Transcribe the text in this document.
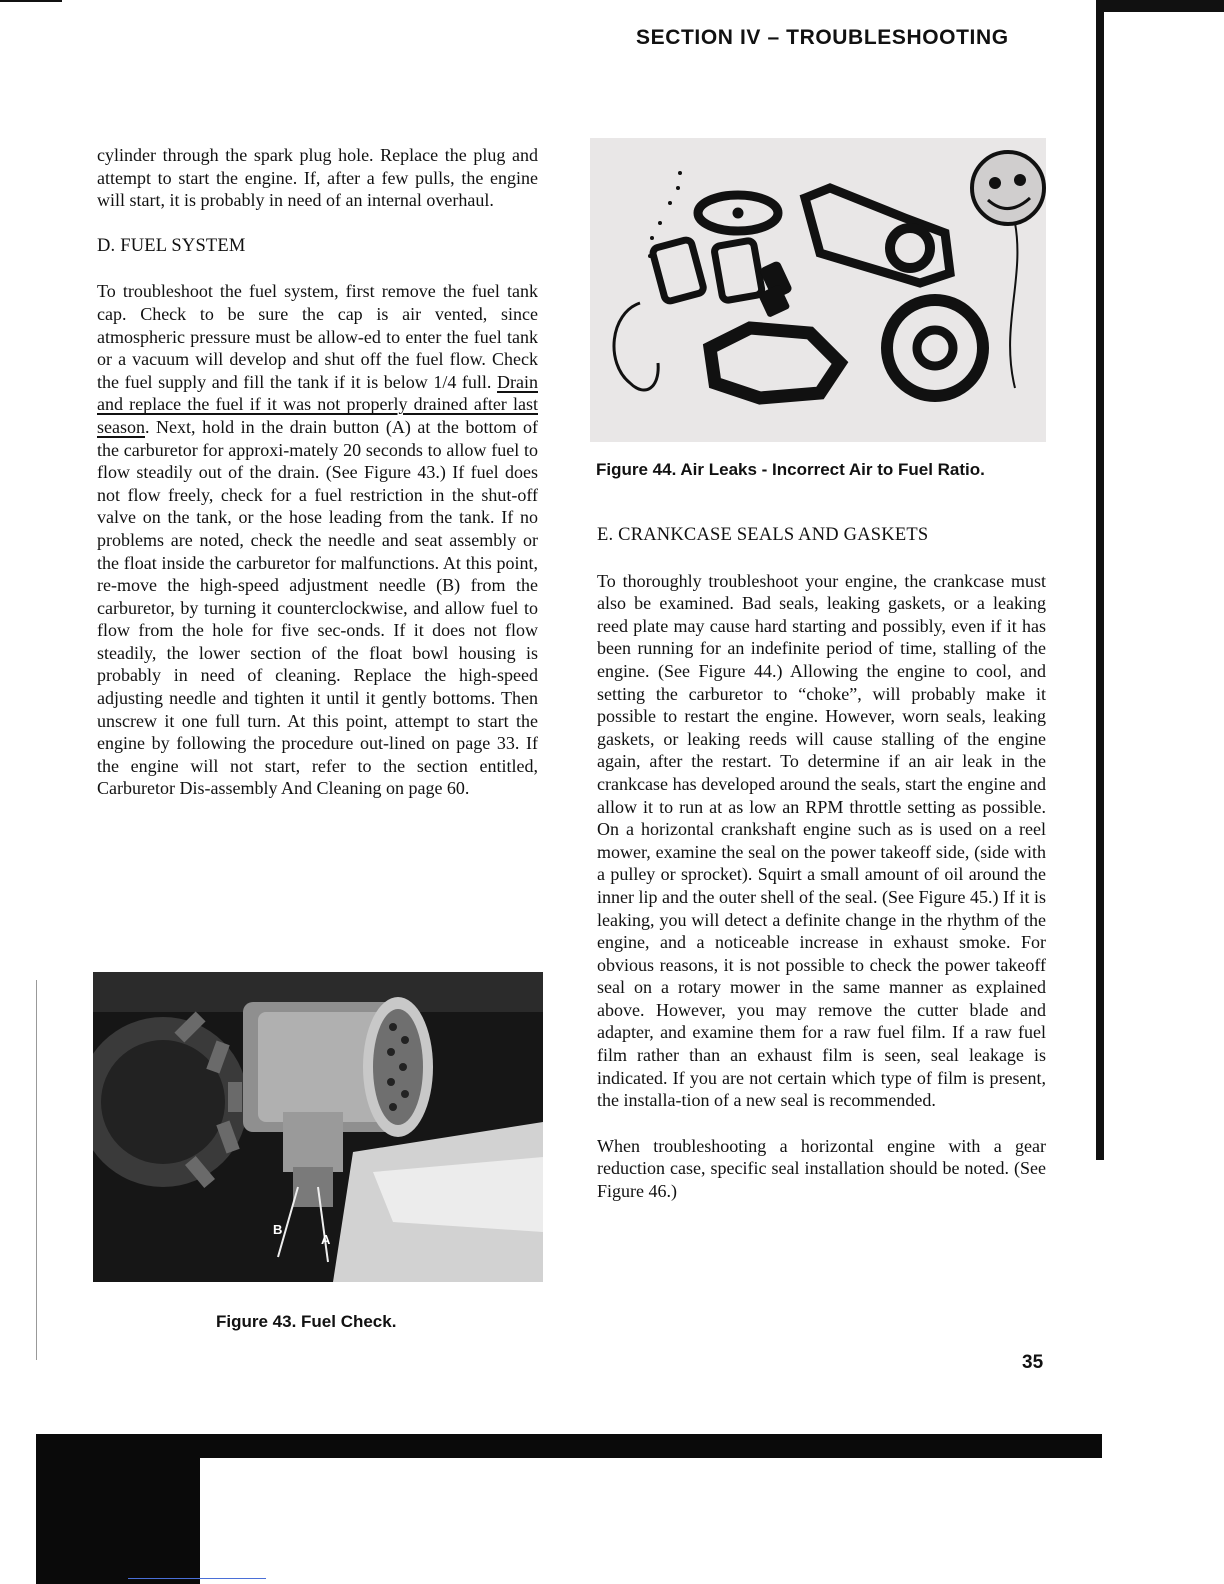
SECTION IV – TROUBLESHOOTING

cylinder through the spark plug hole. Replace the plug and attempt to start the engine. If, after a few pulls, the engine will start, it is probably in need of an internal overhaul.

D. FUEL SYSTEM

To troubleshoot the fuel system, first remove the fuel tank cap. Check to be sure the cap is air vented, since atmospheric pressure must be allow-ed to enter the fuel tank or a vacuum will develop and shut off the fuel flow. Check the fuel supply and fill the tank if it is below 1/4 full. Drain and replace the fuel if it was not properly drained after last season. Next, hold in the drain button (A) at the bottom of the carburetor for approxi-mately 20 seconds to allow fuel to flow steadily out of the drain. (See Figure 43.) If fuel does not flow freely, check for a fuel restriction in the shut-off valve on the tank, or the hose leading from the tank. If no problems are noted, check the needle and seat assembly or the float inside the carburetor for malfunctions. At this point, re-move the high-speed adjustment needle (B) from the carburetor, by turning it counterclockwise, and allow fuel to flow from the hole for five sec-onds. If it does not flow steadily, the lower section of the float bowl housing is probably in need of cleaning. Replace the high-speed adjusting needle and tighten it until it gently bottoms. Then unscrew it one full turn. At this point, attempt to start the engine by following the procedure out-lined on page 33. If the engine will not start, refer to the section entitled, Carburetor Dis-assembly And Cleaning on page 60.

B
A
Figure 43. Fuel Check.
Figure 44. Air Leaks - Incorrect Air to Fuel Ratio.

E. CRANKCASE SEALS AND GASKETS

To thoroughly troubleshoot your engine, the crankcase must also be examined. Bad seals, leaking gaskets, or a leaking reed plate may cause hard starting and possibly, even if it has been running for an indefinite period of time, stalling of the engine. (See Figure 44.) Allowing the engine to cool, and setting the carburetor to “choke”, will probably make it possible to restart the engine. However, worn seals, leaking gaskets, or leaking reeds will cause stalling of the engine again, after the restart. To determine if an air leak in the crankcase has developed around the seals, start the engine and allow it to run at as low an RPM throttle setting as possible. On a horizontal crankshaft engine such as is used on a reel mower, examine the seal on the power takeoff side, (side with a pulley or sprocket). Squirt a small amount of oil around the inner lip and the outer shell of the seal. (See Figure 45.) If it is leaking, you will detect a definite change in the rhythm of the engine, and a noticeable increase in exhaust smoke. For obvious reasons, it is not possible to check the power takeoff seal on a rotary mower in the same manner as explained above. However, you may remove the cutter blade and adapter, and examine them for a raw fuel film. If a raw fuel film rather than an exhaust film is seen, seal leakage is indicated. If you are not certain which type of film is present, the installa-tion of a new seal is recommended.

When troubleshooting a horizontal engine with a gear reduction case, specific seal installation should be noted. (See Figure 46.)

35
